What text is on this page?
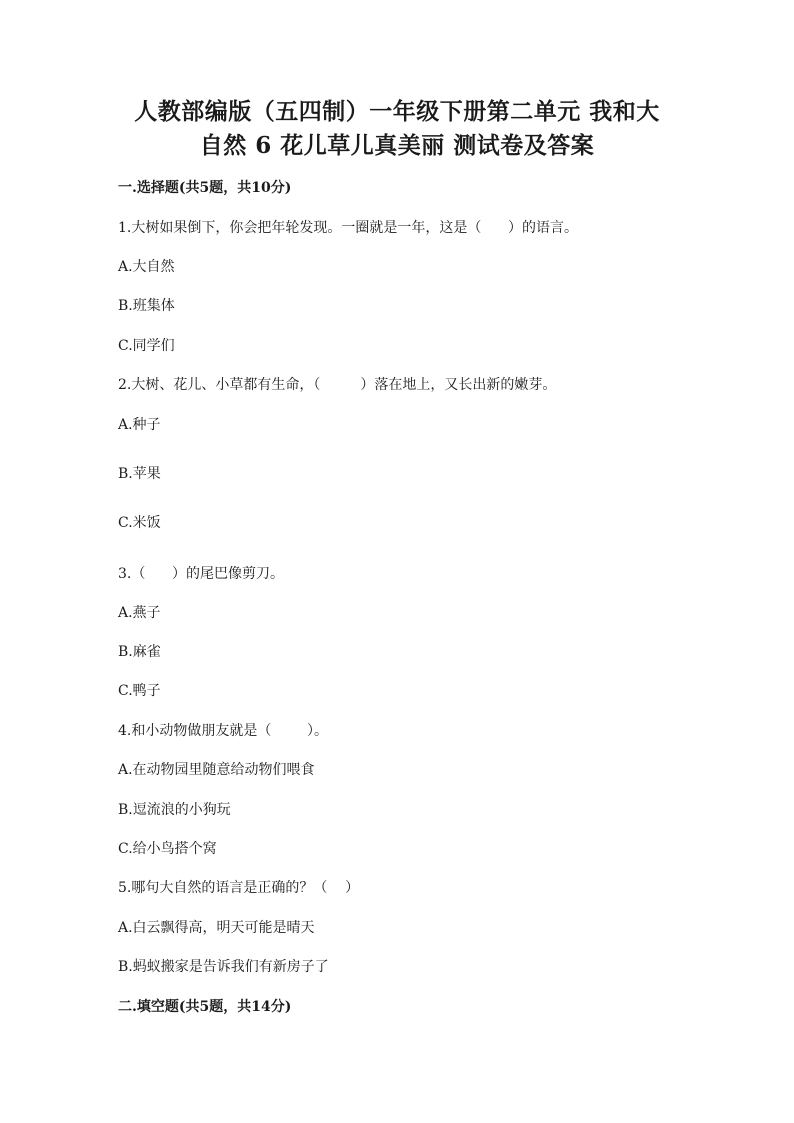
人教部编版（五四制）一年级下册第二单元 我和大
自然 6 花儿草儿真美丽 测试卷及答案
一.选择题(共5题，共10分)
1.大树如果倒下，你会把年轮发现。一圈就是一年，这是（      ）的语言。
A.大自然
B.班集体
C.同学们
2.大树、花儿、小草都有生命，（         ）落在地上，又长出新的嫩芽。
A.种子
B.苹果
C.米饭
3.（      ）的尾巴像剪刀。
A.燕子
B.麻雀
C.鸭子
4.和小动物做朋友就是（        ）。
A.在动物园里随意给动物们喂食
B.逗流浪的小狗玩
C.给小鸟搭个窝
5.哪句大自然的语言是正确的？（    ）
A.白云飘得高，明天可能是晴天
B.蚂蚁搬家是告诉我们有新房子了
二.填空题(共5题，共14分)
